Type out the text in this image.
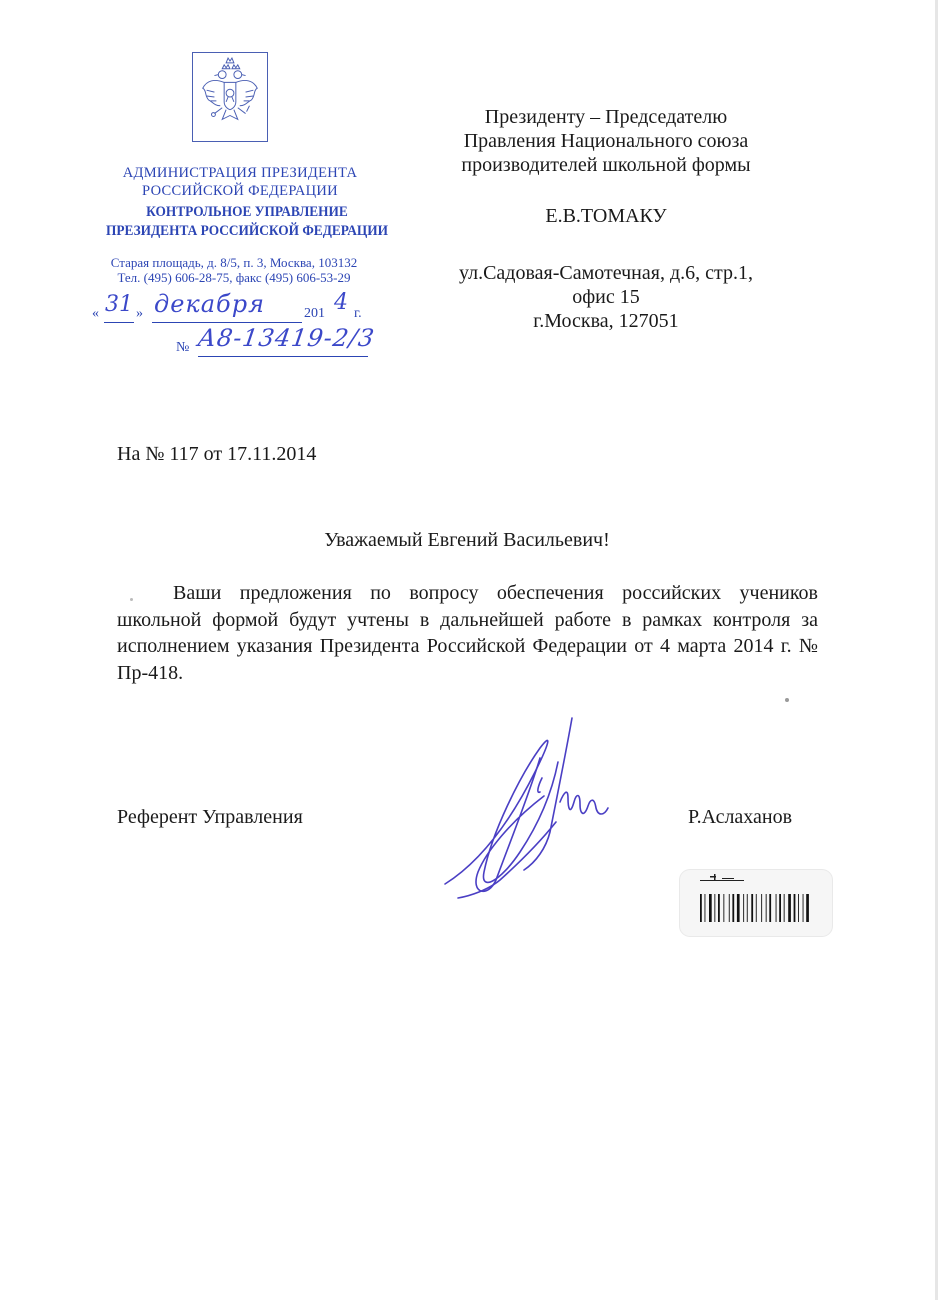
АДМИНИСТРАЦИЯ ПРЕЗИДЕНТА
РОССИЙСКОЙ ФЕДЕРАЦИИ
КОНТРОЛЬНОЕ УПРАВЛЕНИЕ
ПРЕЗИДЕНТА РОССИЙСКОЙ ФЕДЕРАЦИИ
Старая площадь, д. 8/5, п. 3, Москва, 103132
Тел. (495) 606-28-75, факс (495) 606-53-29
« 31 » декабря	201 4 г.
№ А8-13419-2/3
Президенту – Председателю
Правления Национального союза
производителей школьной формы
Е.В.ТОМАКУ
ул.Садовая-Самотечная, д.6, стр.1,
офис 15
г.Москва, 127051
На № 117 от 17.11.2014
Уважаемый Евгений Васильевич!
Ваши предложения по вопросу обеспечения российских учеников школьной формой будут учтены в дальнейшей работе в рамках контроля за исполнением указания Президента Российской Федерации от 4 марта 2014 г. № Пр-418.
Референт Управления	Р.Аслаханов
